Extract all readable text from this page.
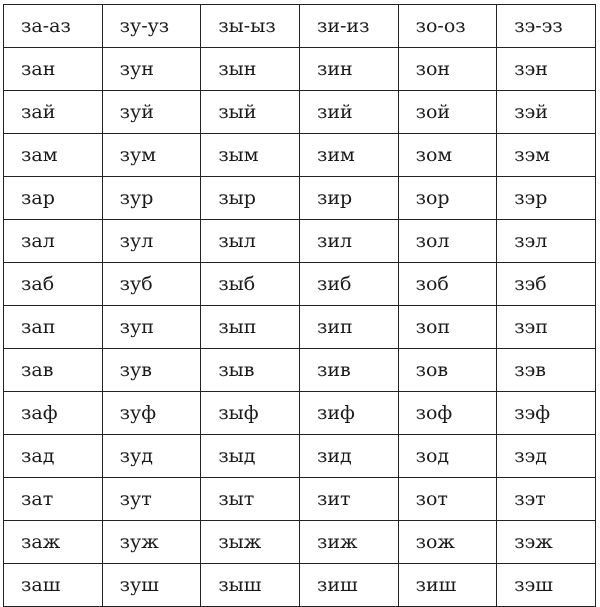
за-аз	зу-уз	зы-ыз	зи-из	зо-оз	зэ-эз
зан	зун	зын	зин	зон	зэн
зай	зуй	зый	зий	зой	зэй
зам	зум	зым	зим	зом	зэм
зар	зур	зыр	зир	зор	зэр
зал	зул	зыл	зил	зол	зэл
заб	зуб	зыб	зиб	зоб	зэб
зап	зуп	зып	зип	зоп	зэп
зав	зув	зыв	зив	зов	зэв
заф	зуф	зыф	зиф	зоф	зэф
зад	зуд	зыд	зид	зод	зэд
зат	зут	зыт	зит	зот	зэт
заж	зуж	зыж	зиж	зож	зэж
заш	зуш	зыш	зиш	зиш	зэш
